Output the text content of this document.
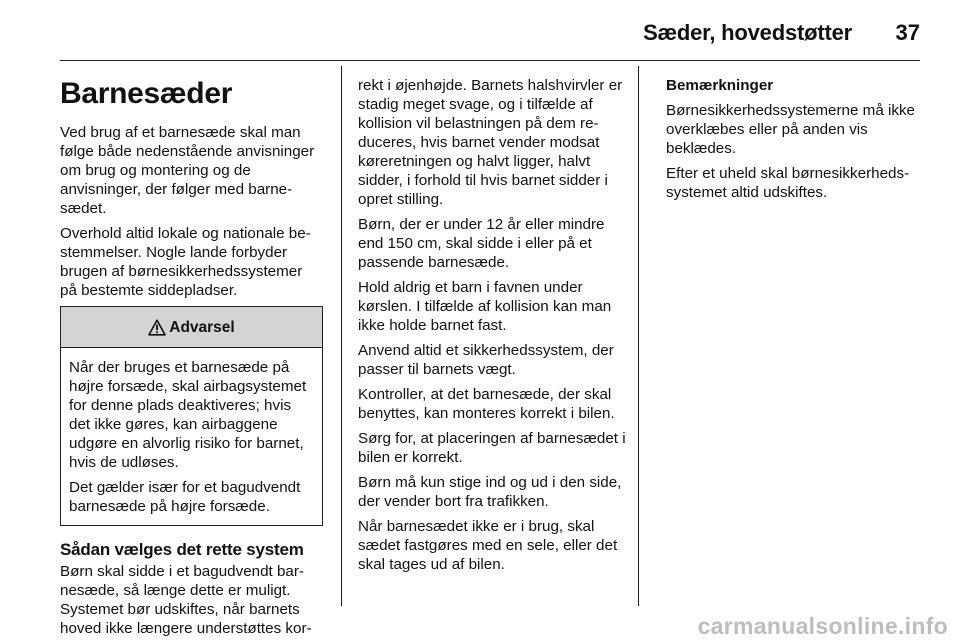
Sæder, hovedstøtter 37
Barnesæder

Ved brug af et barnesæde skal man følge både nedenstående anvisninger om brug og montering og de anvisninger, der følger med barnesædet.

Overhold altid lokale og nationale bestemmelser. Nogle lande forbyder brugen af børnesikkerhedssystemer på bestemte siddepladser.

Advarsel

Når der bruges et barnesæde på højre forsæde, skal airbagsystemet for denne plads deaktiveres; hvis det ikke gøres, kan airbaggene udgøre en alvorlig risiko for barnet, hvis de udløses.

Det gælder især for et bagudvendt barnesæde på højre forsæde.

Sådan vælges det rette system

Børn skal sidde i et bagudvendt barnesæde, så længe dette er muligt. Systemet bør udskiftes, når barnets hoved ikke længere understøttes kor-

rekt i øjenhøjde. Barnets halshvirvler er stadig meget svage, og i tilfælde af kollision vil belastningen på dem reduceres, hvis barnet vender modsat køreretningen og halvt ligger, halvt sidder, i forhold til hvis barnet sidder i opret stilling.

Børn, der er under 12 år eller mindre end 150 cm, skal sidde i eller på et passende barnesæde.

Hold aldrig et barn i favnen under kørslen. I tilfælde af kollision kan man ikke holde barnet fast.

Anvend altid et sikkerhedssystem, der passer til barnets vægt.

Kontroller, at det barnesæde, der skal benyttes, kan monteres korrekt i bilen.

Sørg for, at placeringen af barnesædet i bilen er korrekt.

Børn må kun stige ind og ud i den side, der vender bort fra trafikken.

Når barnesædet ikke er i brug, skal sædet fastgøres med en sele, eller det skal tages ud af bilen.

Bemærkninger

Børnesikkerhedssystemerne må ikke overklæbes eller på anden vis beklædes.

Efter et uheld skal børnesikkerhedssystemet altid udskiftes.

carmanualsonline.info
